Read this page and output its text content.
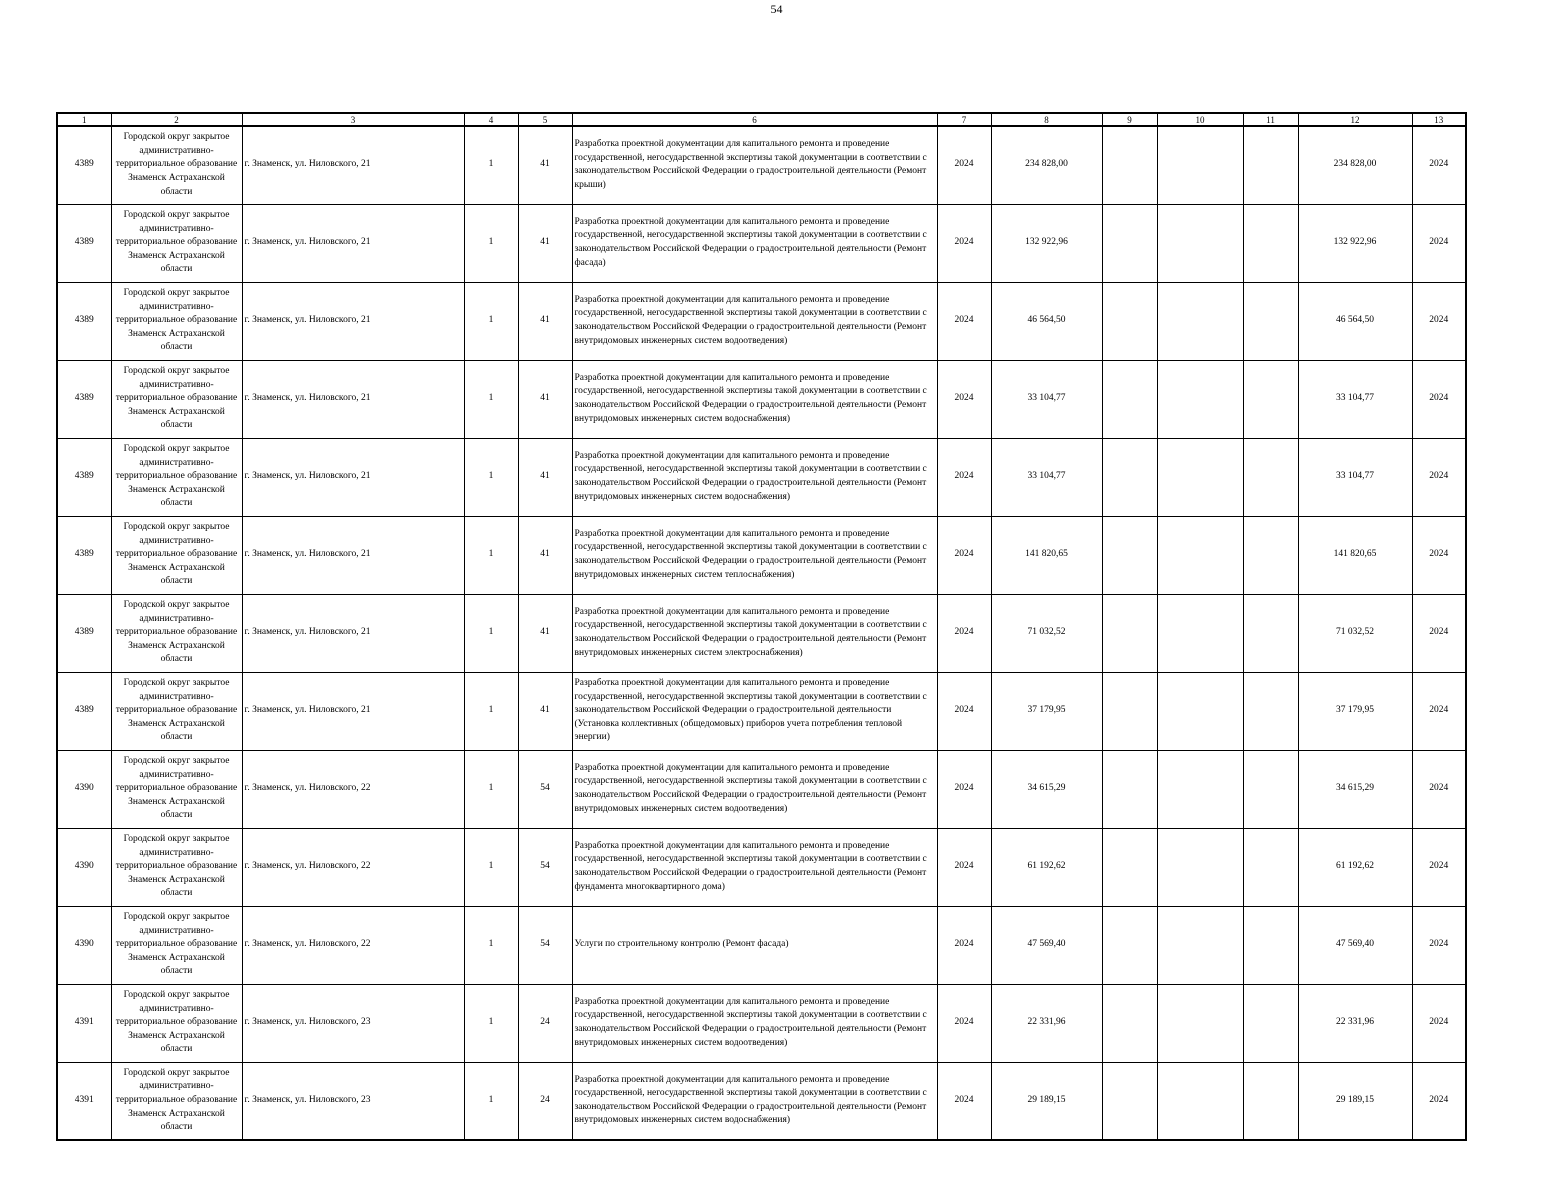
54
1	2	3	4	5	6	7	8	9	10	11	12	13
4389	Городской округ закрытое административно-территориальное образование Знаменск Астраханской области	г. Знаменск, ул. Ниловского, 21	1	41	Разработка проектной документации для капитального ремонта и проведение государственной, негосударственной экспертизы такой документации в соответствии с законодательством Российской Федерации о градостроительной деятельности (Ремонт крыши)	2024	234 828,00				234 828,00	2024
4389	Городской округ закрытое административно-территориальное образование Знаменск Астраханской области	г. Знаменск, ул. Ниловского, 21	1	41	Разработка проектной документации для капитального ремонта и проведение государственной, негосударственной экспертизы такой документации в соответствии с законодательством Российской Федерации о градостроительной деятельности (Ремонт фасада)	2024	132 922,96				132 922,96	2024
4389	Городской округ закрытое административно-территориальное образование Знаменск Астраханской области	г. Знаменск, ул. Ниловского, 21	1	41	Разработка проектной документации для капитального ремонта и проведение государственной, негосударственной экспертизы такой документации в соответствии с законодательством Российской Федерации о градостроительной деятельности (Ремонт внутридомовых инженерных систем водоотведения)	2024	46 564,50				46 564,50	2024
4389	Городской округ закрытое административно-территориальное образование Знаменск Астраханской области	г. Знаменск, ул. Ниловского, 21	1	41	Разработка проектной документации для капитального ремонта и проведение государственной, негосударственной экспертизы такой документации в соответствии с законодательством Российской Федерации о градостроительной деятельности (Ремонт внутридомовых инженерных систем водоснабжения)	2024	33 104,77				33 104,77	2024
4389	Городской округ закрытое административно-территориальное образование Знаменск Астраханской области	г. Знаменск, ул. Ниловского, 21	1	41	Разработка проектной документации для капитального ремонта и проведение государственной, негосударственной экспертизы такой документации в соответствии с законодательством Российской Федерации о градостроительной деятельности (Ремонт внутридомовых инженерных систем водоснабжения)	2024	33 104,77				33 104,77	2024
4389	Городской округ закрытое административно-территориальное образование Знаменск Астраханской области	г. Знаменск, ул. Ниловского, 21	1	41	Разработка проектной документации для капитального ремонта и проведение государственной, негосударственной экспертизы такой документации в соответствии с законодательством Российской Федерации о градостроительной деятельности (Ремонт внутридомовых инженерных систем теплоснабжения)	2024	141 820,65				141 820,65	2024
4389	Городской округ закрытое административно-территориальное образование Знаменск Астраханской области	г. Знаменск, ул. Ниловского, 21	1	41	Разработка проектной документации для капитального ремонта и проведение государственной, негосударственной экспертизы такой документации в соответствии с законодательством Российской Федерации о градостроительной деятельности (Ремонт внутридомовых инженерных систем электроснабжения)	2024	71 032,52				71 032,52	2024
4389	Городской округ закрытое административно-территориальное образование Знаменск Астраханской области	г. Знаменск, ул. Ниловского, 21	1	41	Разработка проектной документации для капитального ремонта и проведение государственной, негосударственной экспертизы такой документации в соответствии с законодательством Российской Федерации о градостроительной деятельности (Установка коллективных (общедомовых) приборов учета потребления тепловой энергии)	2024	37 179,95				37 179,95	2024
4390	Городской округ закрытое административно-территориальное образование Знаменск Астраханской области	г. Знаменск, ул. Ниловского, 22	1	54	Разработка проектной документации для капитального ремонта и проведение государственной, негосударственной экспертизы такой документации в соответствии с законодательством Российской Федерации о градостроительной деятельности (Ремонт внутридомовых инженерных систем водоотведения)	2024	34 615,29				34 615,29	2024
4390	Городской округ закрытое административно-территориальное образование Знаменск Астраханской области	г. Знаменск, ул. Ниловского, 22	1	54	Разработка проектной документации для капитального ремонта и проведение государственной, негосударственной экспертизы такой документации в соответствии с законодательством Российской Федерации о градостроительной деятельности (Ремонт фундамента многоквартирного дома)	2024	61 192,62				61 192,62	2024
4390	Городской округ закрытое административно-территориальное образование Знаменск Астраханской области	г. Знаменск, ул. Ниловского, 22	1	54	Услуги по строительному контролю (Ремонт фасада)	2024	47 569,40				47 569,40	2024
4391	Городской округ закрытое административно-территориальное образование Знаменск Астраханской области	г. Знаменск, ул. Ниловского, 23	1	24	Разработка проектной документации для капитального ремонта и проведение государственной, негосударственной экспертизы такой документации в соответствии с законодательством Российской Федерации о градостроительной деятельности (Ремонт внутридомовых инженерных систем водоотведения)	2024	22 331,96				22 331,96	2024
4391	Городской округ закрытое административно-территориальное образование Знаменск Астраханской области	г. Знаменск, ул. Ниловского, 23	1	24	Разработка проектной документации для капитального ремонта и проведение государственной, негосударственной экспертизы такой документации в соответствии с законодательством Российской Федерации о градостроительной деятельности (Ремонт внутридомовых инженерных систем водоснабжения)	2024	29 189,15				29 189,15	2024
